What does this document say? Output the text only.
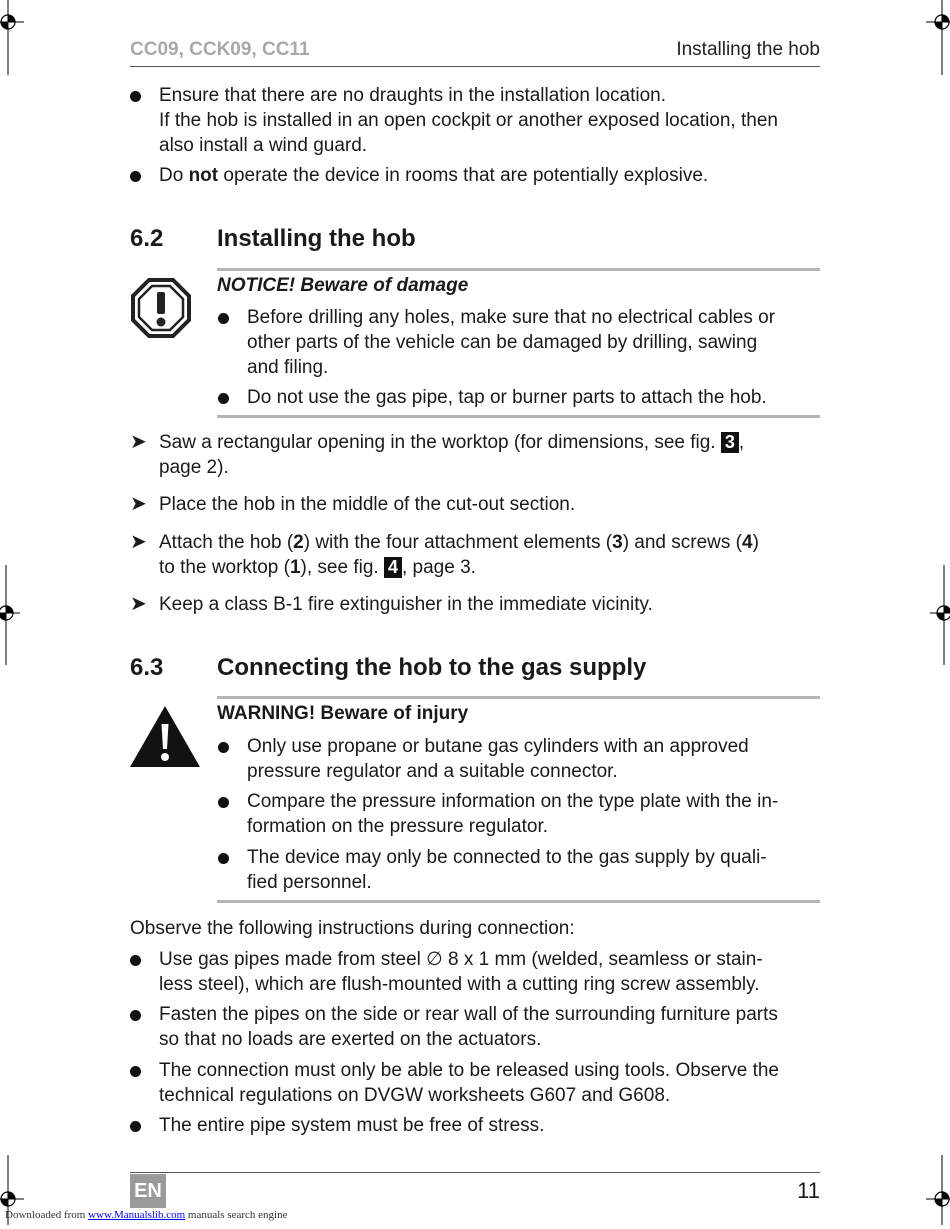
CC09, CCK09, CC11	Installing the hob
Ensure that there are no draughts in the installation location.
If the hob is installed in an open cockpit or another exposed location, then
also install a wind guard.
Do not operate the device in rooms that are potentially explosive.
6.2 Installing the hob
NOTICE! Beware of damage
Before drilling any holes, make sure that no electrical cables or
other parts of the vehicle can be damaged by drilling, sawing
and filing.
Do not use the gas pipe, tap or burner parts to attach the hob.
➤ Saw a rectangular opening in the worktop (for dimensions, see fig. 3 ,
page 2).
➤ Place the hob in the middle of the cut-out section.
➤ Attach the hob (2) with the four attachment elements (3) and screws (4)
to the worktop (1), see fig. 4 , page 3.
➤ Keep a class B-1 fire extinguisher in the immediate vicinity.
6.3 Connecting the hob to the gas supply
WARNING! Beware of injury
Only use propane or butane gas cylinders with an approved
pressure regulator and a suitable connector.
Compare the pressure information on the type plate with the in-
formation on the pressure regulator.
The device may only be connected to the gas supply by quali-
fied personnel.
Observe the following instructions during connection:
Use gas pipes made from steel ∅ 8 x 1 mm (welded, seamless or stain-
less steel), which are flush-mounted with a cutting ring screw assembly.
Fasten the pipes on the side or rear wall of the surrounding furniture parts
so that no loads are exerted on the actuators.
The connection must only be able to be released using tools. Observe the
technical regulations on DVGW worksheets G607 and G608.
The entire pipe system must be free of stress.
EN	11
Downloaded from www.Manualslib.com manuals search engine
